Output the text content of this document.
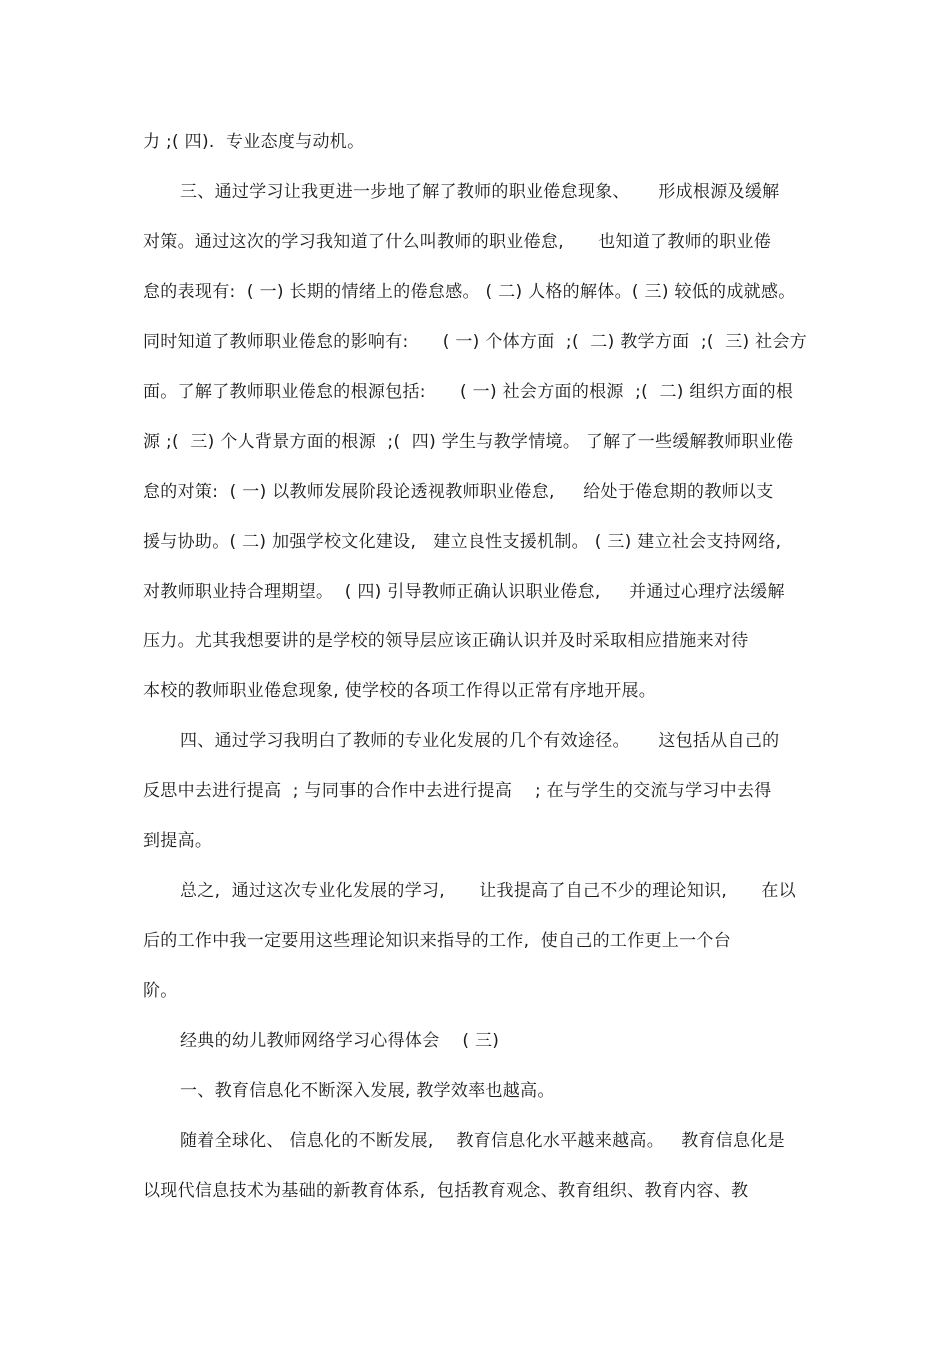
力 ;( 四).  专业态度与动机。
三、通过学习让我更进一步地了解了教师的职业倦怠现象、     形成根源及缓解
对策。通过这次的学习我知道了什么叫教师的职业倦怠,      也知道了教师的职业倦
怠的表现有:  ( 一) 长期的情绪上的倦怠感。 ( 二) 人格的解体。( 三) 较低的成就感。
同时知道了教师职业倦怠的影响有:      ( 一) 个体方面  ;(  二) 教学方面  ;(  三) 社会方
面。了解了教师职业倦怠的根源包括:      ( 一) 社会方面的根源  ;(  二) 组织方面的根
源 ;(  三) 个人背景方面的根源  ;(  四) 学生与教学情境。 了解了一些缓解教师职业倦
怠的对策:  ( 一) 以教师发展阶段论透视教师职业倦怠,     给处于倦怠期的教师以支
援与协助。( 二) 加强学校文化建设,   建立良性支援机制。 ( 三) 建立社会支持网络,
对教师职业持合理期望。  ( 四) 引导教师正确认识职业倦怠,     并通过心理疗法缓解
压力。尤其我想要讲的是学校的领导层应该正确认识并及时采取相应措施来对待
本校的教师职业倦怠现象, 使学校的各项工作得以正常有序地开展。
四、通过学习我明白了教师的专业化发展的几个有效途径。     这包括从自己的
反思中去进行提高  ; 与同事的合作中去进行提高    ; 在与学生的交流与学习中去得
到提高。
总之,  通过这次专业化发展的学习,      让我提高了自己不少的理论知识,      在以
后的工作中我一定要用这些理论知识来指导的工作,  使自己的工作更上一个台
阶。
经典的幼儿教师网络学习心得体会    ( 三)
一、教育信息化不断深入发展, 教学效率也越高。
随着全球化、 信息化的不断发展,    教育信息化水平越来越高。   教育信息化是
以现代信息技术为基础的新教育体系,  包括教育观念、教育组织、教育内容、教
